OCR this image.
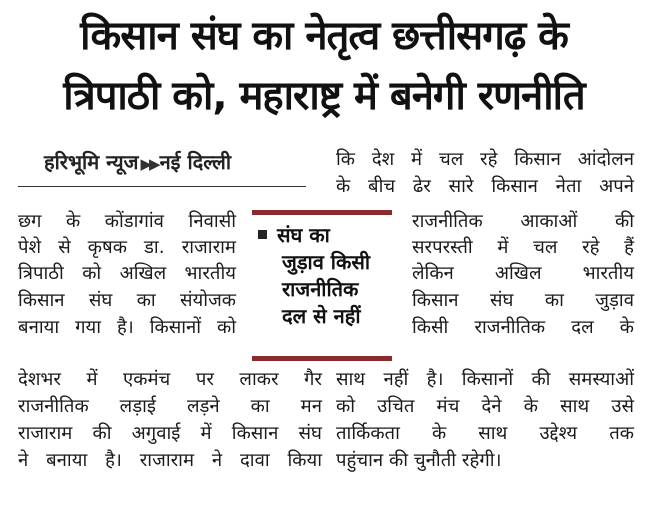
किसान संघ का नेतृत्व छत्तीसगढ़ के
त्रिपाठी को, महाराष्ट्र में बनेगी रणनीति
हरिभूमि न्यूज ▶▶ नई दिल्ली
छग के कोंडागांव निवासी
पेशे से कृषक डा. राजाराम
त्रिपाठी को अखिल भारतीय
किसान संघ का संयोजक
बनाया गया है। किसानों को
देशभर में एकमंच पर लाकर गैर
राजनीतिक लड़ाई लड़ने का मन
राजाराम की अगुवाई में किसान संघ
ने बनाया है। राजाराम ने दावा किया
संघ का
जुड़ाव किसी
राजनीतिक
दल से नहीं
कि देश में चल रहे किसान आंदोलन
के बीच ढेर सारे किसान नेता अपने
राजनीतिक आकाओं की
सरपरस्ती में चल रहे हैं
लेकिन अखिल भारतीय
किसान संघ का जुड़ाव
किसी राजनीतिक दल के
साथ नहीं है। किसानों की समस्याओं
को उचित मंच देने के साथ उसे
तार्किकता के साथ उद्देश्य तक
पहुंचान की चुनौती रहेगी।
